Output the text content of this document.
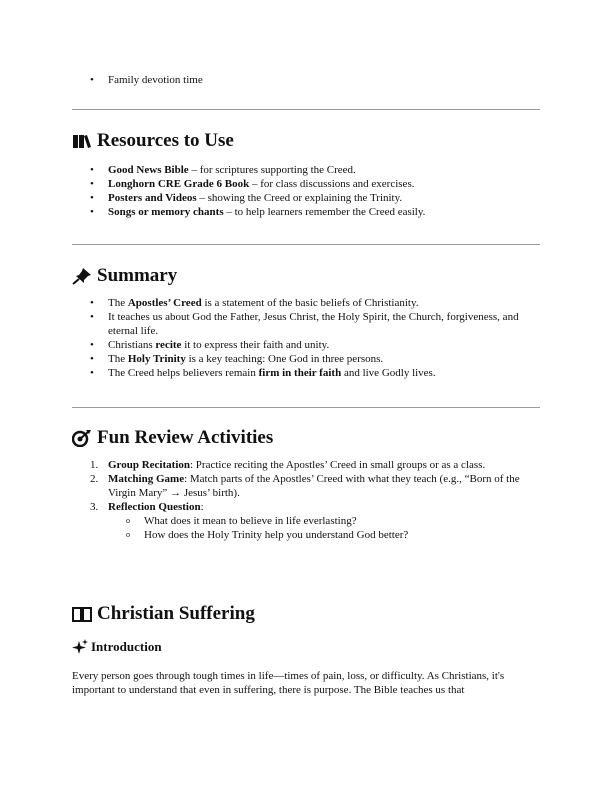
• Family devotion time
Resources to Use
• Good News Bible – for scriptures supporting the Creed.
• Longhorn CRE Grade 6 Book – for class discussions and exercises.
• Posters and Videos – showing the Creed or explaining the Trinity.
• Songs or memory chants – to help learners remember the Creed easily.
Summary
• The Apostles’ Creed is a statement of the basic beliefs of Christianity.
• It teaches us about God the Father, Jesus Christ, the Holy Spirit, the Church, forgiveness, and eternal life.
• Christians recite it to express their faith and unity.
• The Holy Trinity is a key teaching: One God in three persons.
• The Creed helps believers remain firm in their faith and live Godly lives.
Fun Review Activities
1. Group Recitation: Practice reciting the Apostles’ Creed in small groups or as a class.
2. Matching Game: Match parts of the Apostles’ Creed with what they teach (e.g., “Born of the Virgin Mary” → Jesus’ birth).
3. Reflection Question:
o What does it mean to believe in life everlasting?
o How does the Holy Trinity help you understand God better?
Christian Suffering
Introduction

Every person goes through tough times in life—times of pain, loss, or difficulty. As Christians, it's important to understand that even in suffering, there is purpose. The Bible teaches us that
